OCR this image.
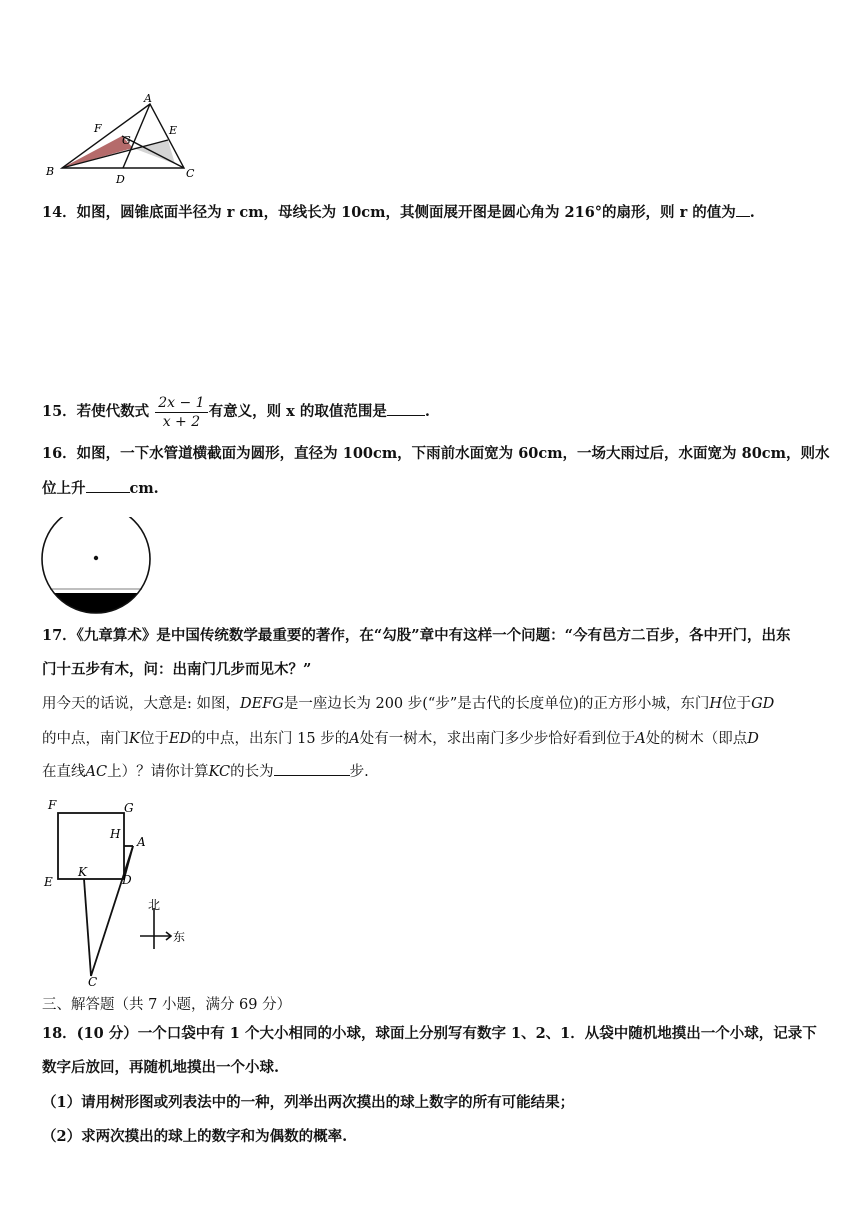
A
F	E
G
B
D	C
14．如图，圆锥底面半径为 r cm，母线长为 10cm，其侧面展开图是圆心角为 216°的扇形，则 r 的值为 .
15．若使代数式 $\frac{2x - 1}{x + 2}$ 有意义，则 x 的取值范围是	.
16．如图，一下水管道横截面为圆形，直径为 100cm，下雨前水面宽为 60cm，一场大雨过后，水面宽为 80cm，则水
位上升	cm.
17．《九章算术》是中国传统数学最重要的著作，在“勾股”章中有这样一个问题：“今有邑方二百步，各中开门，出东
门十五步有木，问：出南门几步而见木？”
用今天的话说，大意是: 如图，DEFG是一座边长为 200 步(“步”是古代的长度单位)的正方形小城，东门H位于GD
的中点，南门K位于ED的中点，出东门 15 步的A处有一树木，求出南门多少步恰好看到位于A处的树木（即点D
在直线AC上）？请你计算KC的长为	步.
F	G
H
A
E
K
D
C
北
东
三、解答题（共 7 小题，满分 69 分）
18．(10 分）一个口袋中有 1 个大小相同的小球，球面上分别写有数字 1、2、1．从袋中随机地摸出一个小球，记录下
数字后放回，再随机地摸出一个小球.
（1）请用树形图或列表法中的一种，列举出两次摸出的球上数字的所有可能结果；
（2）求两次摸出的球上的数字和为偶数的概率.
